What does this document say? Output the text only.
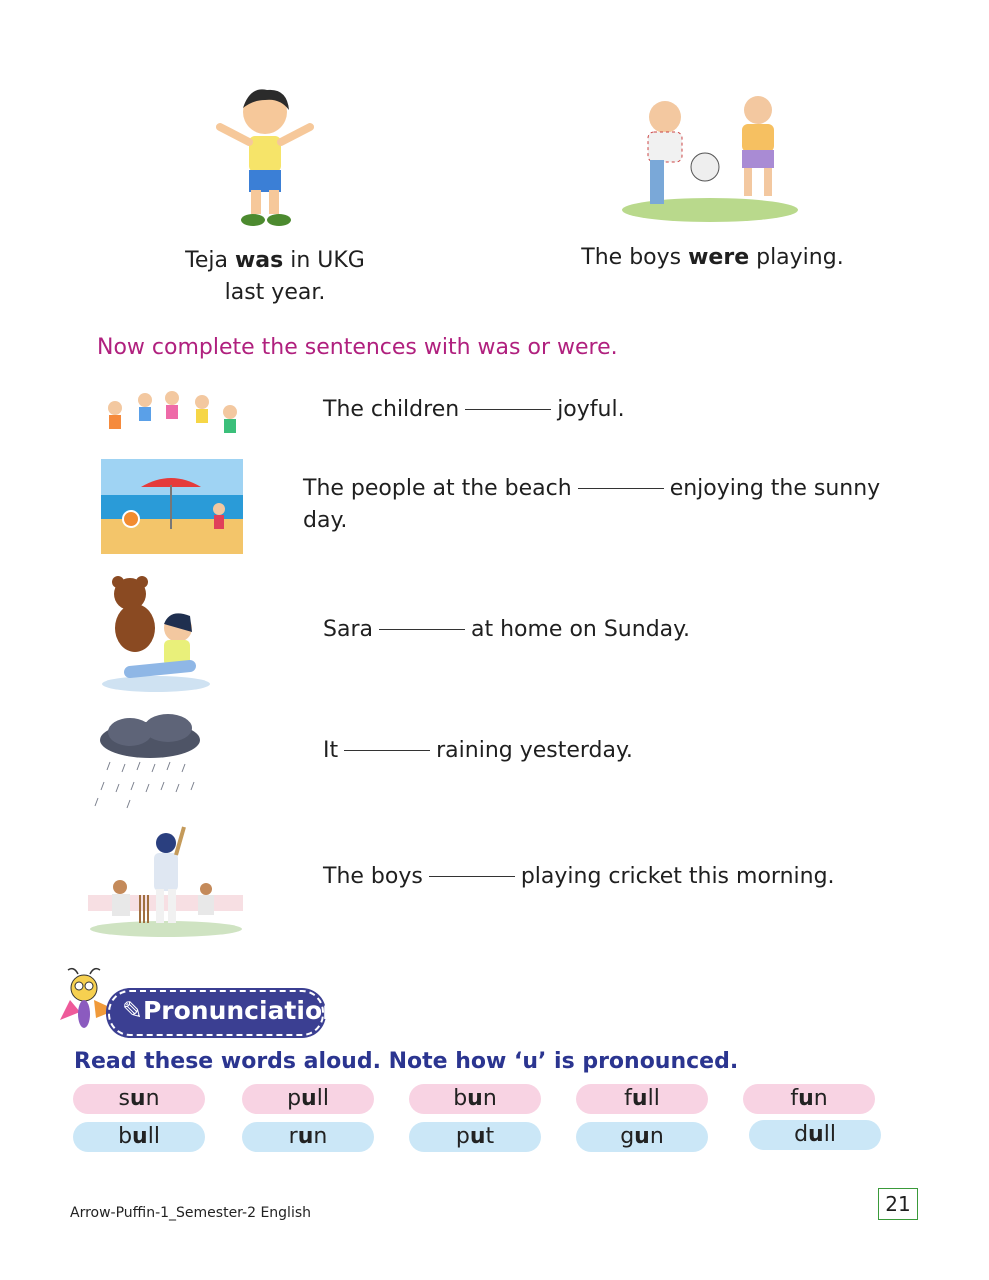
Teja was in UKG
last year.
The boys were playing.
Now complete the sentences with was or were.
The children	joyful.
The people at the beach	enjoying the sunny
day.
Sara	at home on Sunday.
It	raining yesterday.
The boys	playing cricket this morning.
✎Pronunciation
Read these words aloud. Note how ‘u’ is pronounced.
sun	pull	bun	full	fun
bull	run	put	gun	dull
Arrow-Puffin-1_Semester-2 English	21
